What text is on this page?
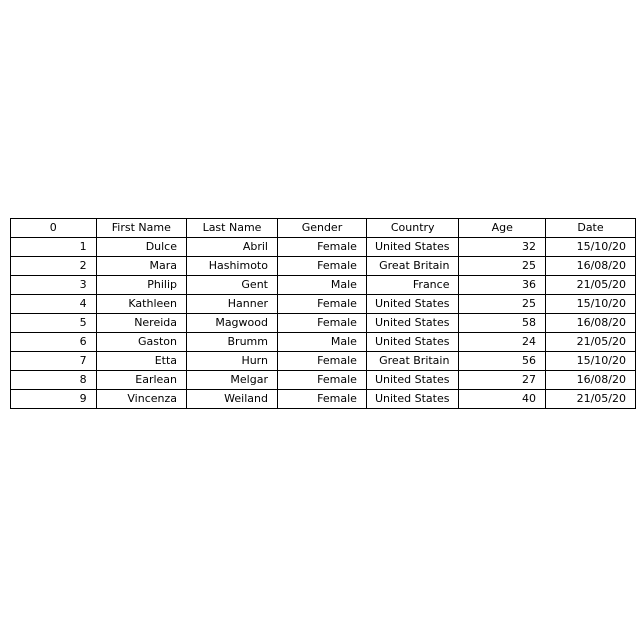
0	First Name	Last Name	Gender	Country	Age	Date
1	Dulce	Abril	Female	United States	32	15/10/20
2	Mara	Hashimoto	Female	Great Britain	25	16/08/20
3	Philip	Gent	Male	France	36	21/05/20
4	Kathleen	Hanner	Female	United States	25	15/10/20
5	Nereida	Magwood	Female	United States	58	16/08/20
6	Gaston	Brumm	Male	United States	24	21/05/20
7	Etta	Hurn	Female	Great Britain	56	15/10/20
8	Earlean	Melgar	Female	United States	27	16/08/20
9	Vincenza	Weiland	Female	United States	40	21/05/20
